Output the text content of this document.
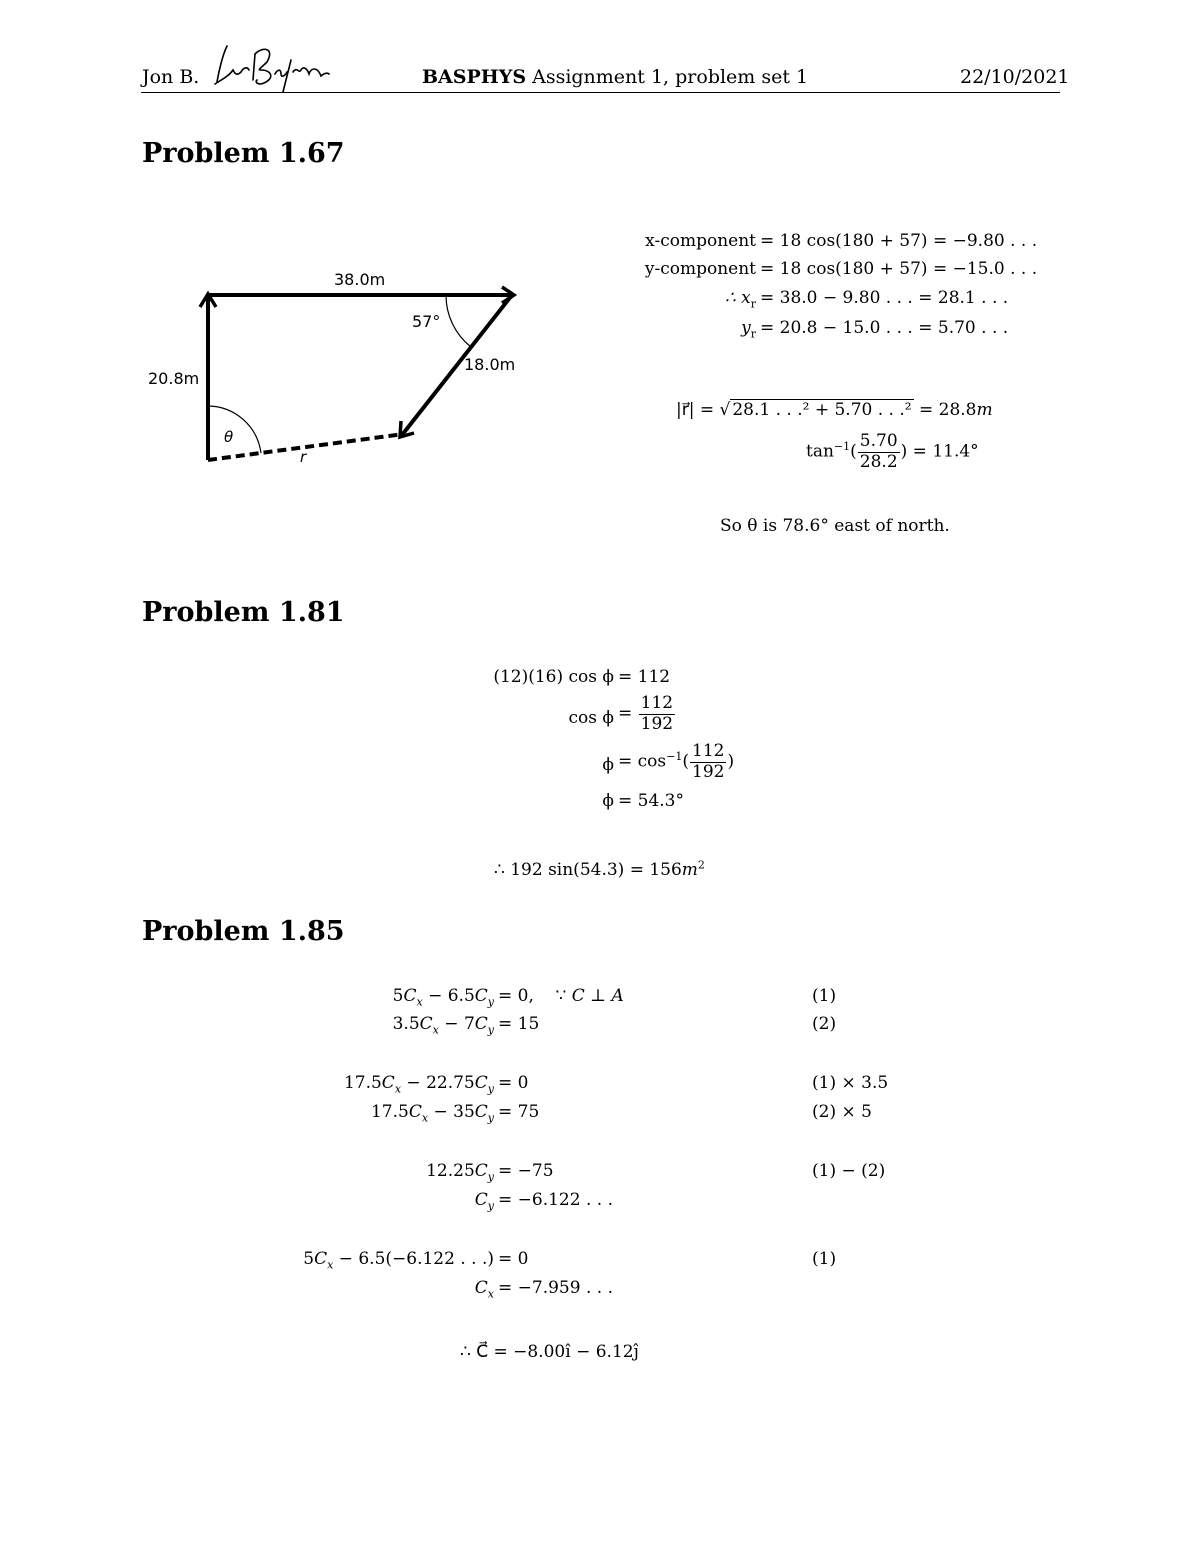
Jon B.	BASPHYS Assignment 1, problem set 1	22/10/2021
Problem 1.67
38.0m
20.8m
18.0m
57°
θ
r
x-component = 18 cos(180 + 57) = −9.80 . . .
y-component = 18 cos(180 + 57) = −15.0 . . .
∴ $x_r = 38.0 - 9.80$ . . . = 28.1 . . .
$y_r = 20.8 - 15.0$ . . . = 5.70 . . .
|r⃗| = √ 28.1 . . .² + 5.70 . . .² = 28.8m
$\tan^{-1}( \frac{5.70}{28.2}$ ) = 11.4°
So θ is 78.6° east of north.
Problem 1.81
(12)(16) cos ϕ = 112
$\cos \phi = \frac{112}{192}$
$\phi = \cos^{-1}( \frac{112}{192}$ )
ϕ = 54.3°
∴ 192 $\sin(54.3) = 156m^2$
Problem 1.85
$5C_x - 6.5C_y = 0$,    ∵ C ⊥ A	(1)
$3.5C_x - 7C_y = 15$	(2)
$17.5C_x - 22.75C_y = 0$	(1) × 3.5
$17.5C_x - 35C_y = 75$	(2) × 5
$12.25C_y = -75$	(1) − (2)
$C_y = -6.122$ . . .
$5C_x - 6.5(-6.122$ . . .) = 0	(1)
$C_x = -7.959$ . . .
∴ C⃗ = −8.00î − 6.12ĵ
